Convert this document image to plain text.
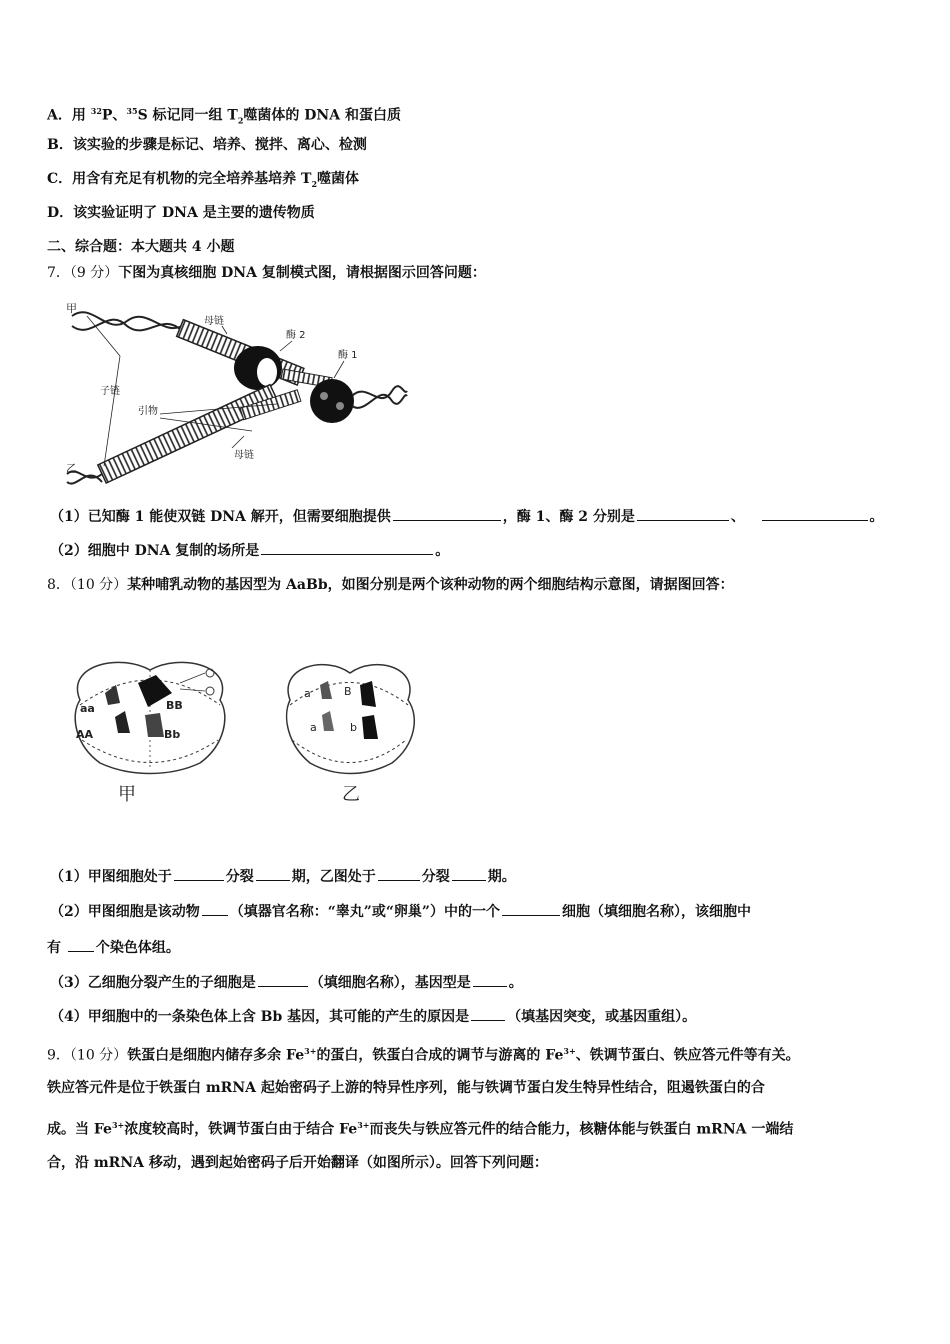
A．用 $^{32}$P、$^{35}$S 标记同一组 $T_2$噬菌体的 DNA 和蛋白质
B．该实验的步骤是标记、培养、搅拌、离心、检测
C．用含有充足有机物的完全培养基培养 $T_2$噬菌体
D．该实验证明了 DNA 是主要的遗传物质
二、综合题：本大题共 4 小题
7．（9 分）下图为真核细胞 DNA 复制模式图，请根据图示回答问题：
甲
母链
酶 2
酶 1
子链
引物
母链
乙
（1）已知酶 1 能使双链 DNA 解开，但需要细胞提供	，酶 1、酶 2 分别是	、	。
（2）细胞中 DNA 复制的场所是	。
8．（10 分）某种哺乳动物的基因型为 AaBb，如图分别是两个该种动物的两个细胞结构示意图，请据图回答：
aa	BB
AA	Bb
甲
a	B
a	b
乙
（1）甲图细胞处于	分裂	期，乙图处于	分裂	期。
（2）甲图细胞是该动物 （填器官名称：“睾丸”或“卵巢”）中的一个	细胞（填细胞名称），该细胞中
有 个染色体组。
（3）乙细胞分裂产生的子细胞是	（填细胞名称），基因型是	。
（4）甲细胞中的一条染色体上含 Bb 基因，其可能的产生的原因是	（填基因突变，或基因重组）。
9．（10 分）铁蛋白是细胞内储存多余 $Fe^{3+}$的蛋白，铁蛋白合成的调节与游离的 $Fe^{3+}$、铁调节蛋白、铁应答元件等有关。
铁应答元件是位于铁蛋白 mRNA 起始密码子上游的特异性序列，能与铁调节蛋白发生特异性结合，阻遏铁蛋白的合
成。当 $Fe^{3+}$浓度较高时，铁调节蛋白由于结合 $Fe^{3+}$而丧失与铁应答元件的结合能力，核糖体能与铁蛋白 mRNA 一端结
合，沿 mRNA 移动，遇到起始密码子后开始翻译（如图所示）。回答下列问题：
